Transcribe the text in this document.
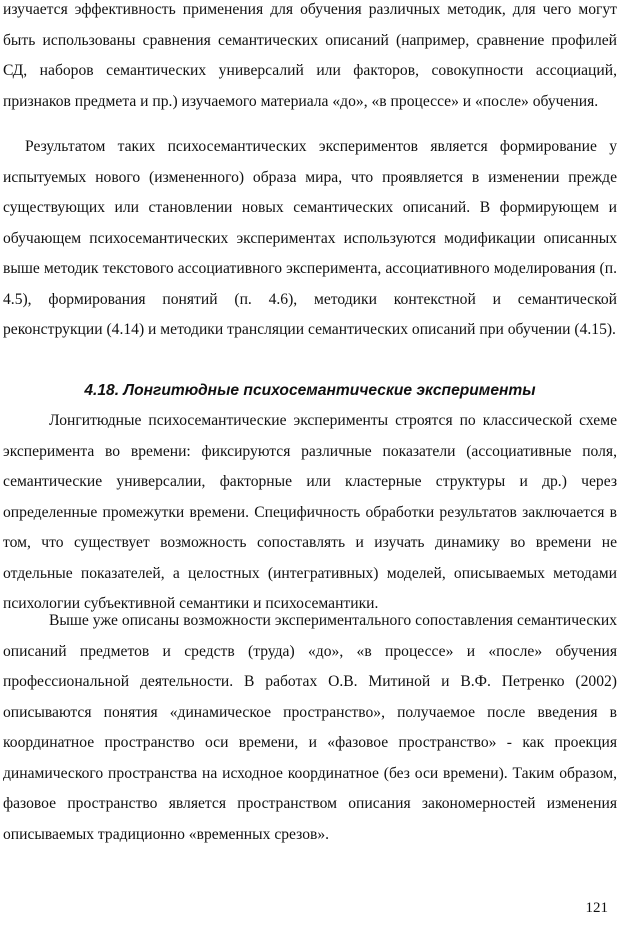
изучается эффективность применения для обучения различных методик, для чего могут быть использованы сравнения семантических описаний (например, сравнение профилей СД, наборов семантических универсалий или факторов, совокупности ассоциаций, признаков предмета и пр.) изучаемого материала «до», «в процессе» и «после» обучения.

Результатом таких психосемантических экспериментов является формирование у испытуемых нового (измененного) образа мира, что проявляется в изменении прежде существующих или становлении новых семантических описаний. В формирующем и обучающем психосемантических экспериментах используются модификации описанных выше методик текстового ассоциативного эксперимента, ассоциативного моделирования (п. 4.5), формирования понятий (п. 4.6), методики контекстной и семантической реконструкции (4.14) и методики трансляции семантических описаний при обучении (4.15).

4.18. Лонгитюдные психосемантические эксперименты

Лонгитюдные психосемантические эксперименты строятся по классической схеме эксперимента во времени: фиксируются различные показатели (ассоциативные поля, семантические универсалии, факторные или кластерные структуры и др.) через определенные промежутки времени. Специфичность обработки результатов заключается в том, что существует возможность сопоставлять и изучать динамику во времени не отдельные показателей, а целостных (интегративных) моделей, описываемых методами психологии субъективной семантики и психосемантики.

Выше уже описаны возможности экспериментального сопоставления семантических описаний предметов и средств (труда) «до», «в процессе» и «после» обучения профессиональной деятельности. В работах О.В. Митиной и В.Ф. Петренко (2002) описываются понятия «динамическое пространство», получаемое после введения в координатное пространство оси времени, и «фазовое пространство» - как проекция динамического пространства на исходное координатное (без оси времени). Таким образом, фазовое пространство является пространством описания закономерностей изменения описываемых традиционно «временных срезов».

121
